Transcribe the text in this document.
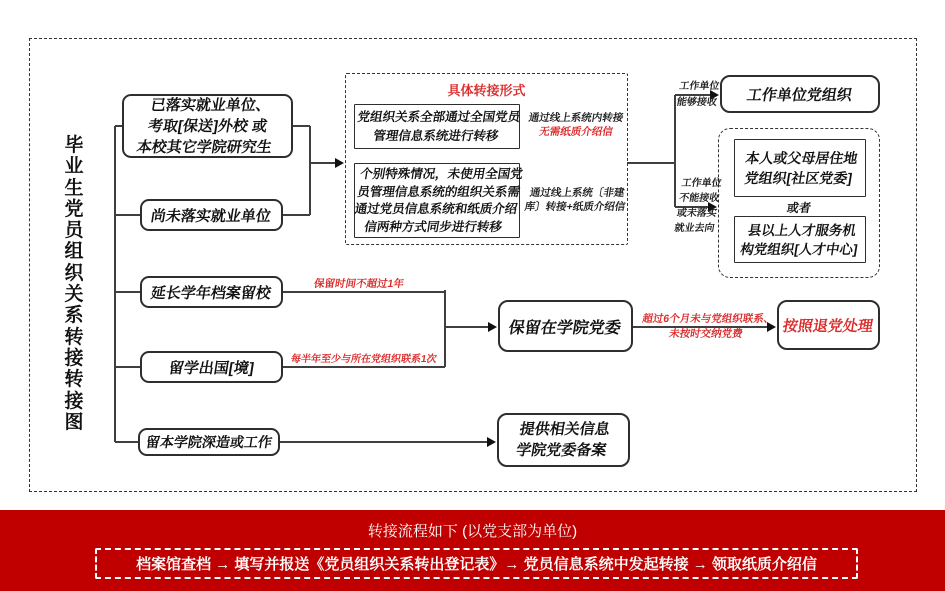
毕业生党员组织关系转接转接图
已落实就业单位、
考取[保送]外校 或
本校其它学院研究生
尚未落实就业单位
延长学年档案留校
留学出国[境]
留本学院深造或工作
具体转接形式
党组织关系全部通过全国党员
管理信息系统进行转移
通过线上系统内转接
无需纸质介绍信
个别特殊情况，未使用全国党
员管理信息系统的组织关系需
通过党员信息系统和纸质介绍
信两种方式同步进行转移
通过线上系统〔非建
库〕转接+纸质介绍信
工作单位
能够接收	工作单位党组织
工作单位
不能接收
或未落实
就业去向
本人或父母居住地
党组织[社区党委]
或者
县以上人才服务机
构党组织[人才中心]
保留时间不超过1年
每半年至少与所在党组织联系1次
保留在学院党委
超过6个月未与党组织联系、
未按时交纳党费	按照退党处理
提供相关信息
学院党委备案
转接流程如下 (以党支部为单位)
档案馆查档 → 填写并报送《党员组织关系转出登记表》→ 党员信息系统中发起转接 → 领取纸质介绍信
